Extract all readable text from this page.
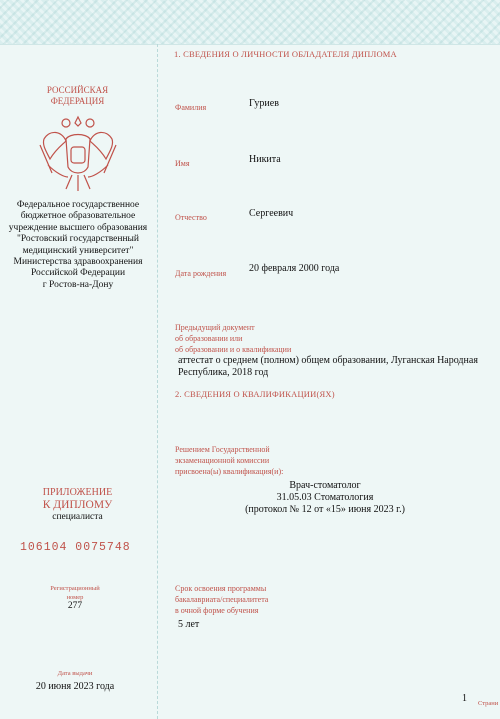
РОССИЙСКАЯ
ФЕДЕРАЦИЯ
Федеральное государственное
бюджетное образовательное
учреждение высшего образования
"Ростовский государственный
медицинский университет"
Министерства здравоохранения
Российской Федерации
г Ростов-на-Дону
ПРИЛОЖЕНИЕ
К ДИПЛОМУ
специалиста
106104 0075748
Регистрационный
номер
277
Дата выдачи
20 июня 2023 года
1. СВЕДЕНИЯ О ЛИЧНОСТИ ОБЛАДАТЕЛЯ ДИПЛОМА
Фамилия	Гуриев
Имя	Никита
Отчество	Сергеевич
Дата рождения 20 февраля 2000 года
Предыдущий документ
об образовании или
об образовании и о квалификации
аттестат о среднем (полном) общем образовании, Луганская Народная
Республика, 2018 год
2. СВЕДЕНИЯ О КВАЛИФИКАЦИИ(ЯХ)
Решением Государственной
экзаменационной комиссии
присвоена(ы) квалификация(и):
Врач-стоматолог
31.05.03 Стоматология
(протокол № 12 от «15» июня 2023 г.)
Срок освоения программы
бакалавриата/специалитета
в очной форме обучения
5 лет
1 Страни
